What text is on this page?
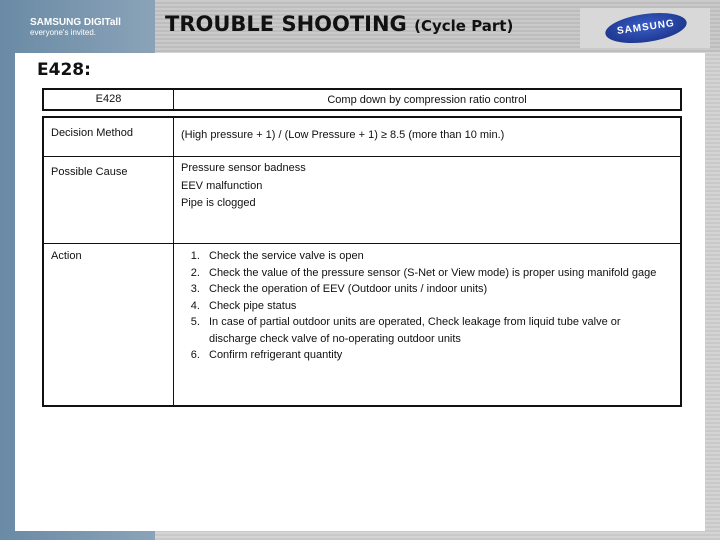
SAMSUNG DIGITall
everyone's invited.	TROUBLE SHOOTING (Cycle Part)	SAMSUNG
E428:
E428	Comp down by compression ratio control
Decision Method	(High pressure + 1) / (Low Pressure + 1) ≥ 8.5 (more than 10 min.)
Possible Cause	Pressure sensor badness
EEV malfunction
Pipe is clogged
Action	1. Check the service valve is open
2. Check the value of the pressure sensor (S-Net or View mode) is proper using manifold gage
3. Check the operation of EEV (Outdoor units / indoor units)
4. Check pipe status
5. In case of partial outdoor units are operated, Check leakage from liquid tube valve or discharge check valve of no-operating outdoor units
6. Confirm refrigerant quantity
